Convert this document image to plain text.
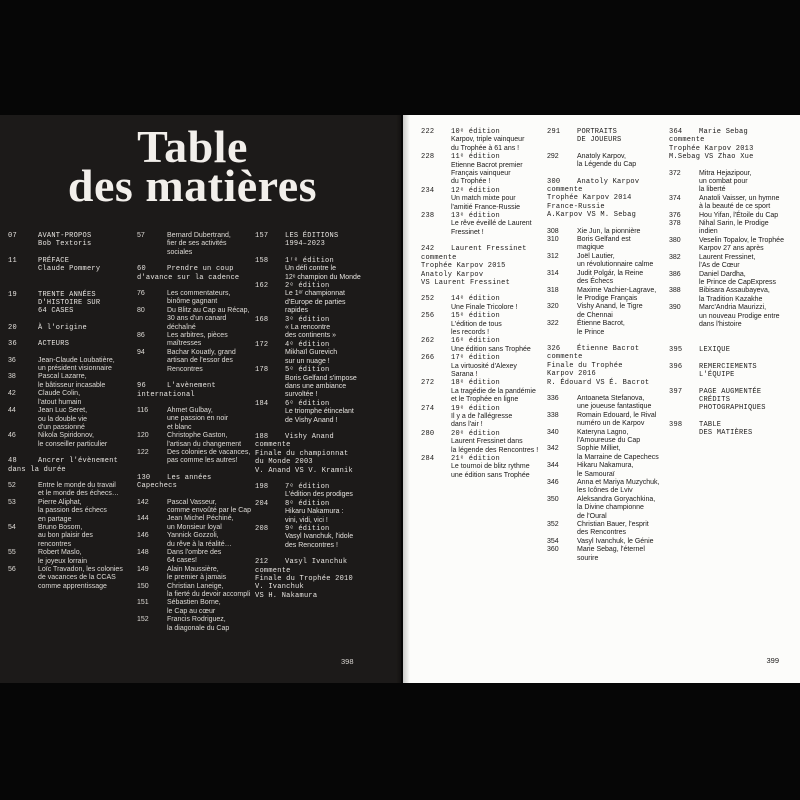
Table
des matières
07	AVANT-PROPOS
Bob Textoris
11	PRÉFACE
Claude Pommery
19	TRENTE ANNÉES
D'HISTOIRE SUR
64 CASES
20	À l'origine
36	ACTEURS
36	Jean-Claude Loubatière,
un président visionnaire
38	Pascal Lazarre,
le bâtisseur incasable
42	Claude Colin,
l'atout humain
44	Jean Luc Seret,
ou la double vie
d'un passionné
46	Nikola Spiridonov,
le conseiller particulier
48	Ancrer l'évènement
dans la durée
52	Entre le monde du travail
et le monde des échecs…
53	Pierre Aliphat,
la passion des échecs
en partage
54	Bruno Bosom,
au bon plaisir des
rencontres
55	Robert Maslo,
le joyeux lorrain
56	Loïc Travadon, les colonies
de vacances de la CCAS
comme apprentissage
57	Bernard Dubertrand,
fier de ses activités
sociales
60	Prendre un coup
d'avance sur la cadence
76	Les commentateurs,
binôme gagnant
80	Du Blitz au Cap au Récap,
30 ans d'un canard
déchaîné
86	Les arbitres, pièces
maîtresses
94	Bachar Kouatly, grand
artisan de l'essor des
Rencontres
96	L'avènement
international
116	Ahmet Gulbay,
une passion en noir
et blanc
120	Christophe Gaston,
l'artisan du changement
122	Des colonies de vacances,
pas comme les autres!
130	Les années
Capechecs
142	Pascal Vasseur,
comme envoûté par le Cap
144	Jean Michel Péchiné,
un Monsieur loyal
146	Yannick Gozzoli,
du rêve à la réalité…
148	Dans l'ombre des
64 cases!
149	Alain Maussière,
le premier à jamais
150	Christian Laneige,
la fierté du devoir accompli
151	Sébastien Borne,
le Cap au cœur
152	Francis Rodriguez,
la diagonale du Cap
157	LES ÉDITIONS
1994–2023
158	1ʳᵉ édition
Un défi contre le
12ᵉ champion du Monde
162	2ᵉ édition
Le 1ᵉʳ championnat
d'Europe de parties
rapides
168	3ᵉ édition
« La rencontre
des continents »
172	4ᵉ édition
Mikhaïl Gurevich
sur un nuage !
178	5ᵉ édition
Boris Gelfand s'impose
dans une ambiance
survoltée !
184	6ᵉ édition
Le triomphe étincelant
de Vishy Anand !
188	Vishy Anand
commente
Finale du championnat
du Monde 2003
V. Anand VS V. Kramnik
198	7ᵉ édition
L'édition des prodiges
204	8ᵉ édition
Hikaru Nakamura :
vini, vidi, vici !
208	9ᵉ édition
Vasyl Ivanchuk, l'idole
des Rencontres !
212	Vasyl Ivanchuk
commente
Finale du Trophée 2010
V. Ivanchuk
VS H. Nakamura
398
222	10ᵉ édition
Karpov, triple vainqueur
du Trophée à 61 ans !
228	11ᵉ édition
Etienne Bacrot premier
Français vainqueur
du Trophée !
234	12ᵉ édition
Un match mixte pour
l'amitié France-Russie
238	13ᵉ édition
Le rêve éveillé de Laurent
Fressinet !
242	Laurent Fressinet
commente
Trophée Karpov 2015
Anatoly Karpov
VS Laurent Fressinet
252	14ᵉ édition
Une Finale Tricolore !
256	15ᵉ édition
L'édition de tous
les records !
262	16ᵉ édition
Une édition sans Trophée
266	17ᵉ édition
La virtuosité d'Alexey
Sarana !
272	18ᵉ édition
La tragédie de la pandémie
et le Trophée en ligne
274	19ᵉ édition
Il y a de l'allégresse
dans l'air !
280	20ᵉ édition
Laurent Fressinet dans
la légende des Rencontres !
284	21ᵉ édition
Le tournoi de blitz rythme
une édition sans Trophée
291	PORTRAITS
DE JOUEURS
292	Anatoly Karpov,
la Légende du Cap
300	Anatoly Karpov
commente
Trophée Karpov 2014
France-Russie
A.Karpov VS M. Sebag
308	Xie Jun, la pionnière
310	Boris Gelfand est
magique
312	Joël Lautier,
un révolutionnaire calme
314	Judit Polgár, la Reine
des Échecs
318	Maxime Vachier-Lagrave,
le Prodige Français
320	Vishy Anand, le Tigre
de Chennai
322	Étienne Bacrot,
le Prince
326	Étienne Bacrot
commente
Finale du Trophée
Karpov 2016
R. Édouard VS É. Bacrot
336	Antoaneta Stefanova,
une joueuse fantastique
338	Romain Edouard, le Rival
numéro un de Karpov
340	Kateryna Lagno,
l'Amoureuse du Cap
342	Sophie Milliet,
la Marraine de Capechecs
344	Hikaru Nakamura,
le Samouraï
346	Anna et Mariya Muzychuk,
les Icônes de Lviv
350	Aleksandra Goryachkina,
la Divine championne
de l'Oural
352	Christian Bauer, l'esprit
des Rencontres
354	Vasyl Ivanchuk, le Génie
360	Marie Sebag, l'éternel
sourire
364	Marie Sebag
commente
Trophée Karpov 2013
M.Sebag VS Zhao Xue
372	Mitra Hejazipour,
un combat pour
la liberté
374	Anatoli Vaisser, un hymne
à la beauté de ce sport
376	Hou Yifan, l'Étoile du Cap
378	Nihal Sarin, le Prodige
indien
380	Veselin Topalov, le Trophée
Karpov 27 ans après
382	Laurent Fressinet,
l'As de Cœur
386	Daniel Dardha,
le Prince de CapExpress
388	Bibisara Assaubayeva,
la Tradition Kazakhe
390	Marc'Andria Maurizzi,
un nouveau Prodige entre
dans l'histoire
395	LEXIQUE
396	REMERCIEMENTS
L'ÉQUIPE
397	PAGE AUGMENTÉE
CRÉDITS
PHOTOGRAPHIQUES
398	TABLE
DES MATIÈRES
399
